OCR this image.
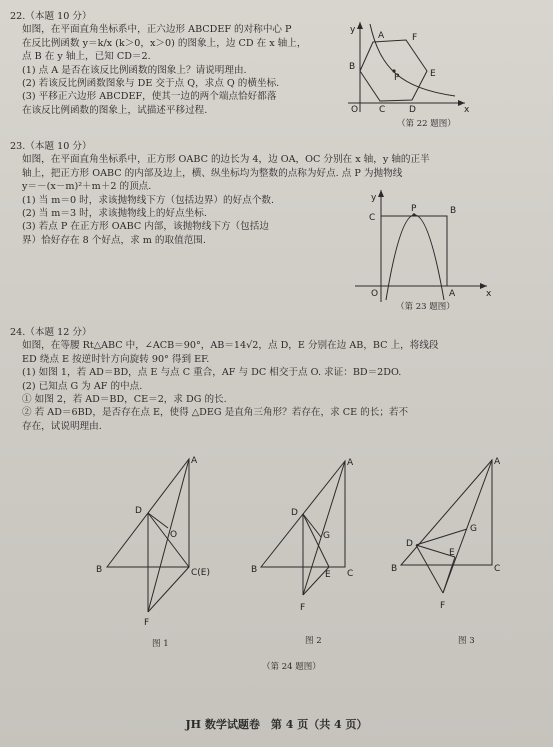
22.（本题 10 分）
如图，在平面直角坐标系中，正六边形 ABCDEF 的对称中心 P
在反比例函数 y＝k/x (k＞0，x＞0) 的图象上，边 CD 在 x 轴上，
点 B 在 y 轴上，已知 CD＝2.
(1) 点 A 是否在该反比例函数的图象上？请说明理由.
(2) 若该反比例函数图象与 DE 交于点 Q，求点 Q 的横坐标.
(3) 平移正六边形 ABCDEF，使其一边的两个端点恰好都落
在该反比例函数的图象上，试描述平移过程.
y
A	F
B
P	E
O C	D	x
（第 22 题图）
23.（本题 10 分）
如图，在平面直角坐标系中，正方形 OABC 的边长为 4，边 OA，OC 分别在 x 轴，y 轴的正半
轴上，把正方形 OABC 的内部及边上，横、纵坐标均为整数的点称为好点. 点 P 为抛物线
y＝－(x－m)²＋m＋2 的顶点.
(1) 当 m＝0 时，求该抛物线下方（包括边界）的好点个数.
(2) 当 m＝3 时，求该抛物线上的好点坐标.
(3) 若点 P 在正方形 OABC 内部，该抛物线下方（包括边
界）恰好存在 8 个好点，求 m 的取值范围.
y
C
P	B
O	A	x
（第 23 题图）
24.（本题 12 分）
如图，在等腰 Rt△ABC 中，∠ACB＝90°，AB＝14√2，点 D，E 分别在边 AB，BC 上，将线段
ED 绕点 E 按逆时针方向旋转 90° 得到 EF.
(1) 如图 1，若 AD＝BD，点 E 与点 C 重合，AF 与 DC 相交于点 O. 求证：BD＝2DO.
(2) 已知点 G 为 AF 的中点.
① 如图 2，若 AD＝BD，CE＝2，求 DG 的长.
② 若 AD＝6BD，是否存在点 E，使得 △DEG 是直角三角形？若存在，求 CE 的长；若不
存在，试说明理由.
A
D
O
B	C(E)
F
A
D
G
B	E C
F
A
G
D
E
B	C
F
图 1	图 2	图 3
（第 24 题图）
JH 数学试题卷　第 4 页（共 4 页）
